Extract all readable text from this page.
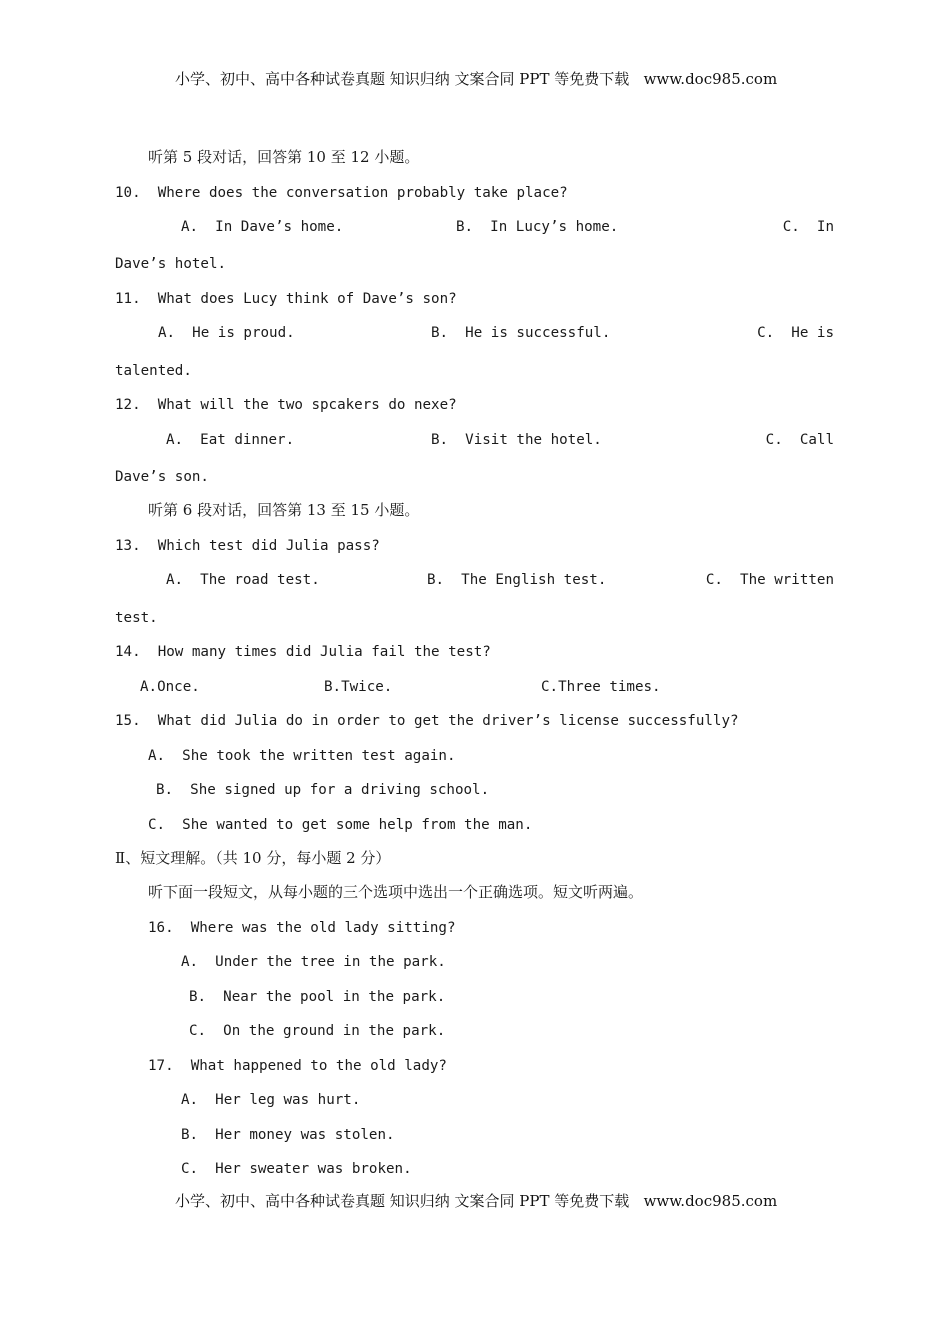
小学、初中、高中各种试卷真题 知识归纳 文案合同 PPT 等免费下载   www.doc985.com
听第 5 段对话，回答第 10 至 12 小题。
10.  Where does the conversation probably take place?
A.  In Dave’s home.	B.  In Lucy’s home.	C.  In
Dave’s hotel.
11.  What does Lucy think of Dave’s son?
A.  He is proud.	B.  He is successful.	C.  He is
talented.
12.  What will the two spcakers do nexe?
A.  Eat dinner.	B.  Visit the hotel.	C.  Call
Dave’s son.
听第 6 段对话，回答第 13 至 15 小题。
13.  Which test did Julia pass?
A.  The road test.	B.  The English test.	C.  The written
test.
14.  How many times did Julia fail the test?
A.Once.	B.Twice.	C.Three times.
15.  What did Julia do in order to get the driver’s license successfully?
A.  She took the written test again.
B.  She signed up for a driving school.
C.  She wanted to get some help from the man.
Ⅱ、短文理解。（共 10 分，每小题 2 分）
听下面一段短文，从每小题的三个选项中选出一个正确选项。短文听两遍。
16.  Where was the old lady sitting?
A.  Under the tree in the park.
B.  Near the pool in the park.
C.  On the ground in the park.
17.  What happened to the old lady?
A.  Her leg was hurt.
B.  Her money was stolen.
C.  Her sweater was broken.
小学、初中、高中各种试卷真题 知识归纳 文案合同 PPT 等免费下载   www.doc985.com
